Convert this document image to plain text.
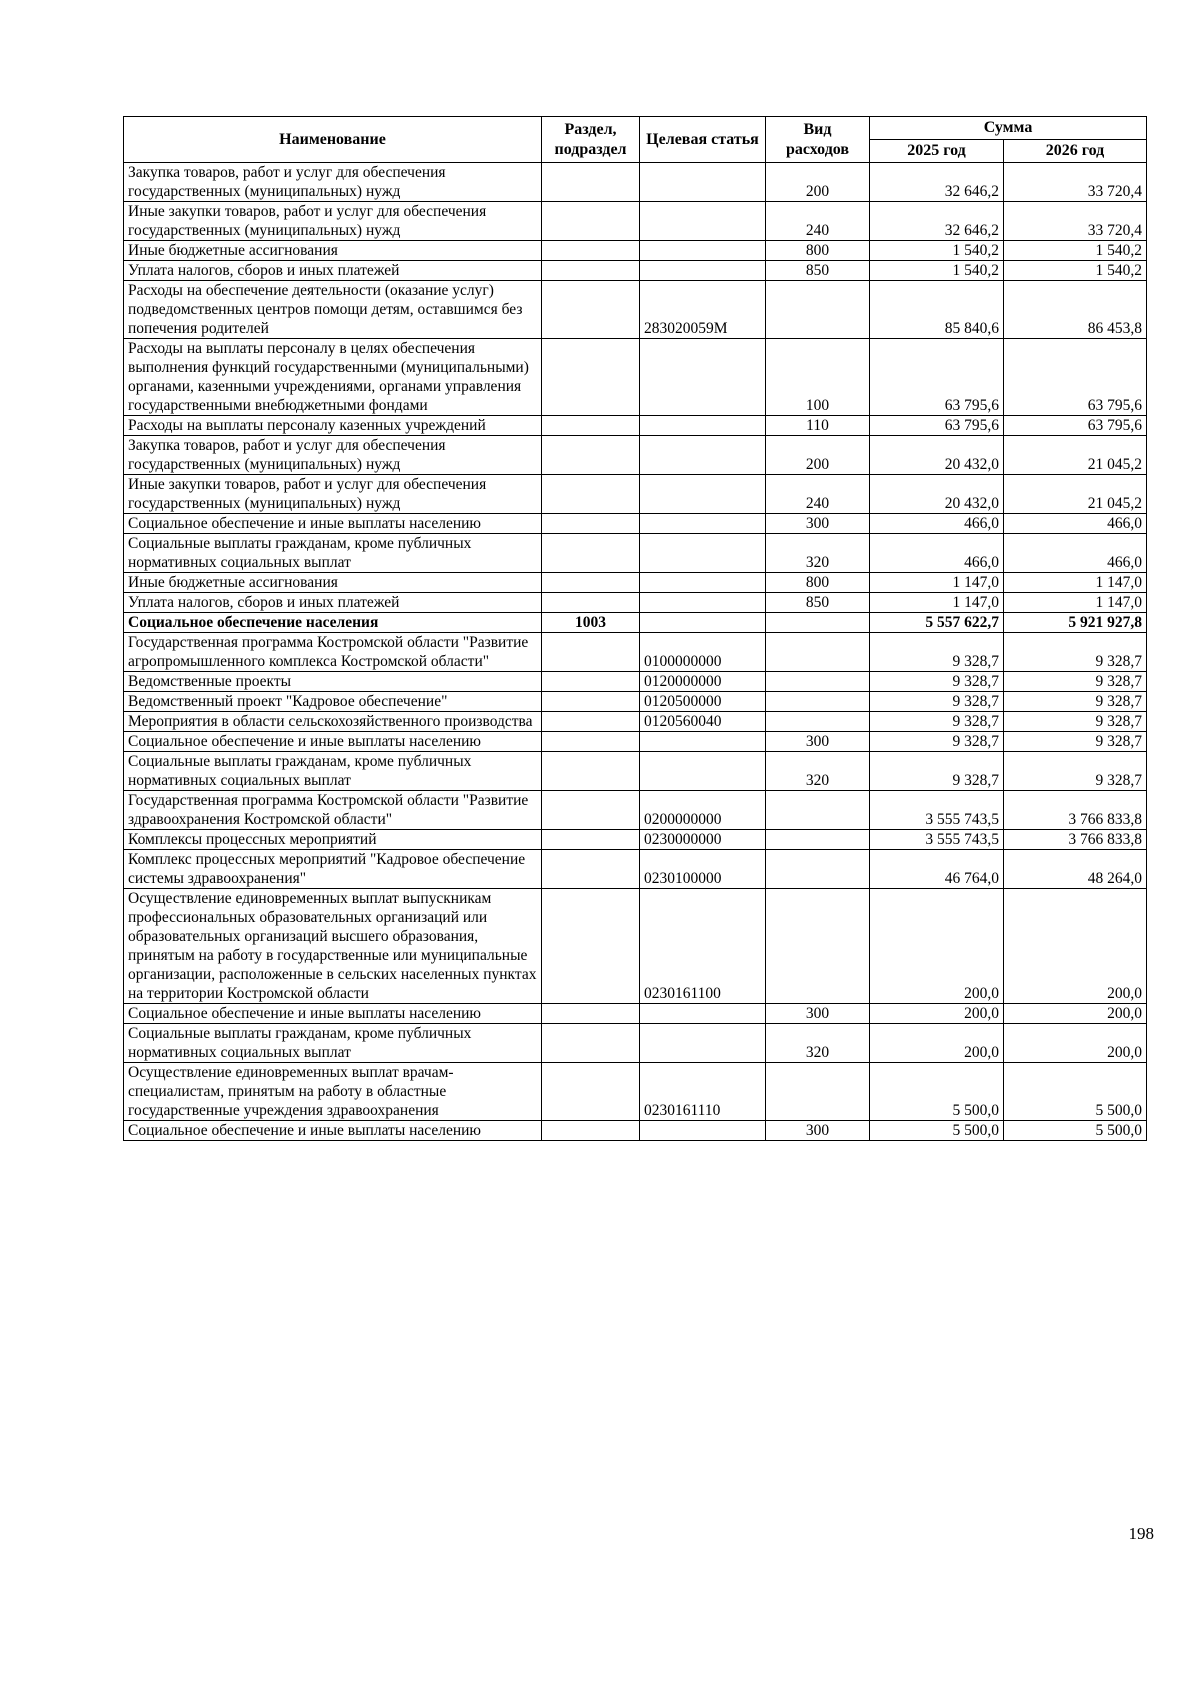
Наименование	Раздел, подраздел	Целевая статья	Вид расходов	Сумма	
				2025 год	2026 год
Закупка товаров, работ и услуг для обеспечения государственных (муниципальных) нужд			200	32 646,2	33 720,4
Иные закупки товаров, работ и услуг для обеспечения государственных (муниципальных) нужд			240	32 646,2	33 720,4
Иные бюджетные ассигнования			800	1 540,2	1 540,2
Уплата налогов, сборов и иных платежей			850	1 540,2	1 540,2
Расходы на обеспечение деятельности (оказание услуг) подведомственных центров помощи детям, оставшимся без попечения родителей		283020059М		85 840,6	86 453,8
Расходы на выплаты персоналу в целях обеспечения выполнения функций государственными (муниципальными) органами, казенными учреждениями, органами управления государственными внебюджетными фондами			100	63 795,6	63 795,6
Расходы на выплаты персоналу казенных учреждений			110	63 795,6	63 795,6
Закупка товаров, работ и услуг для обеспечения государственных (муниципальных) нужд			200	20 432,0	21 045,2
Иные закупки товаров, работ и услуг для обеспечения государственных (муниципальных) нужд			240	20 432,0	21 045,2
Социальное обеспечение и иные выплаты населению			300	466,0	466,0
Социальные выплаты гражданам, кроме публичных нормативных социальных выплат			320	466,0	466,0
Иные бюджетные ассигнования			800	1 147,0	1 147,0
Уплата налогов, сборов и иных платежей			850	1 147,0	1 147,0
Социальное обеспечение населения	1003			5 557 622,7	5 921 927,8
Государственная программа Костромской области "Развитие агропромышленного комплекса Костромской области"		0100000000		9 328,7	9 328,7
Ведомственные проекты		0120000000		9 328,7	9 328,7
Ведомственный проект "Кадровое обеспечение"		0120500000		9 328,7	9 328,7
Мероприятия в области сельскохозяйственного производства		0120560040		9 328,7	9 328,7
Социальное обеспечение и иные выплаты населению			300	9 328,7	9 328,7
Социальные выплаты гражданам, кроме публичных нормативных социальных выплат			320	9 328,7	9 328,7
Государственная программа Костромской области "Развитие здравоохранения Костромской области"		0200000000		3 555 743,5	3 766 833,8
Комплексы процессных мероприятий		0230000000		3 555 743,5	3 766 833,8
Комплекс процессных мероприятий "Кадровое обеспечение системы здравоохранения"		0230100000		46 764,0	48 264,0
Осуществление единовременных выплат выпускникам профессиональных образовательных организаций или образовательных организаций высшего образования, принятым на работу в государственные или муниципальные организации, расположенные в сельских населенных пунктах на территории Костромской области		0230161100		200,0	200,0
Социальное обеспечение и иные выплаты населению			300	200,0	200,0
Социальные выплаты гражданам, кроме публичных нормативных социальных выплат			320	200,0	200,0
Осуществление единовременных выплат врачам-специалистам, принятым на работу в областные государственные учреждения здравоохранения		0230161110		5 500,0	5 500,0
Социальное обеспечение и иные выплаты населению			300	5 500,0	5 500,0
198
